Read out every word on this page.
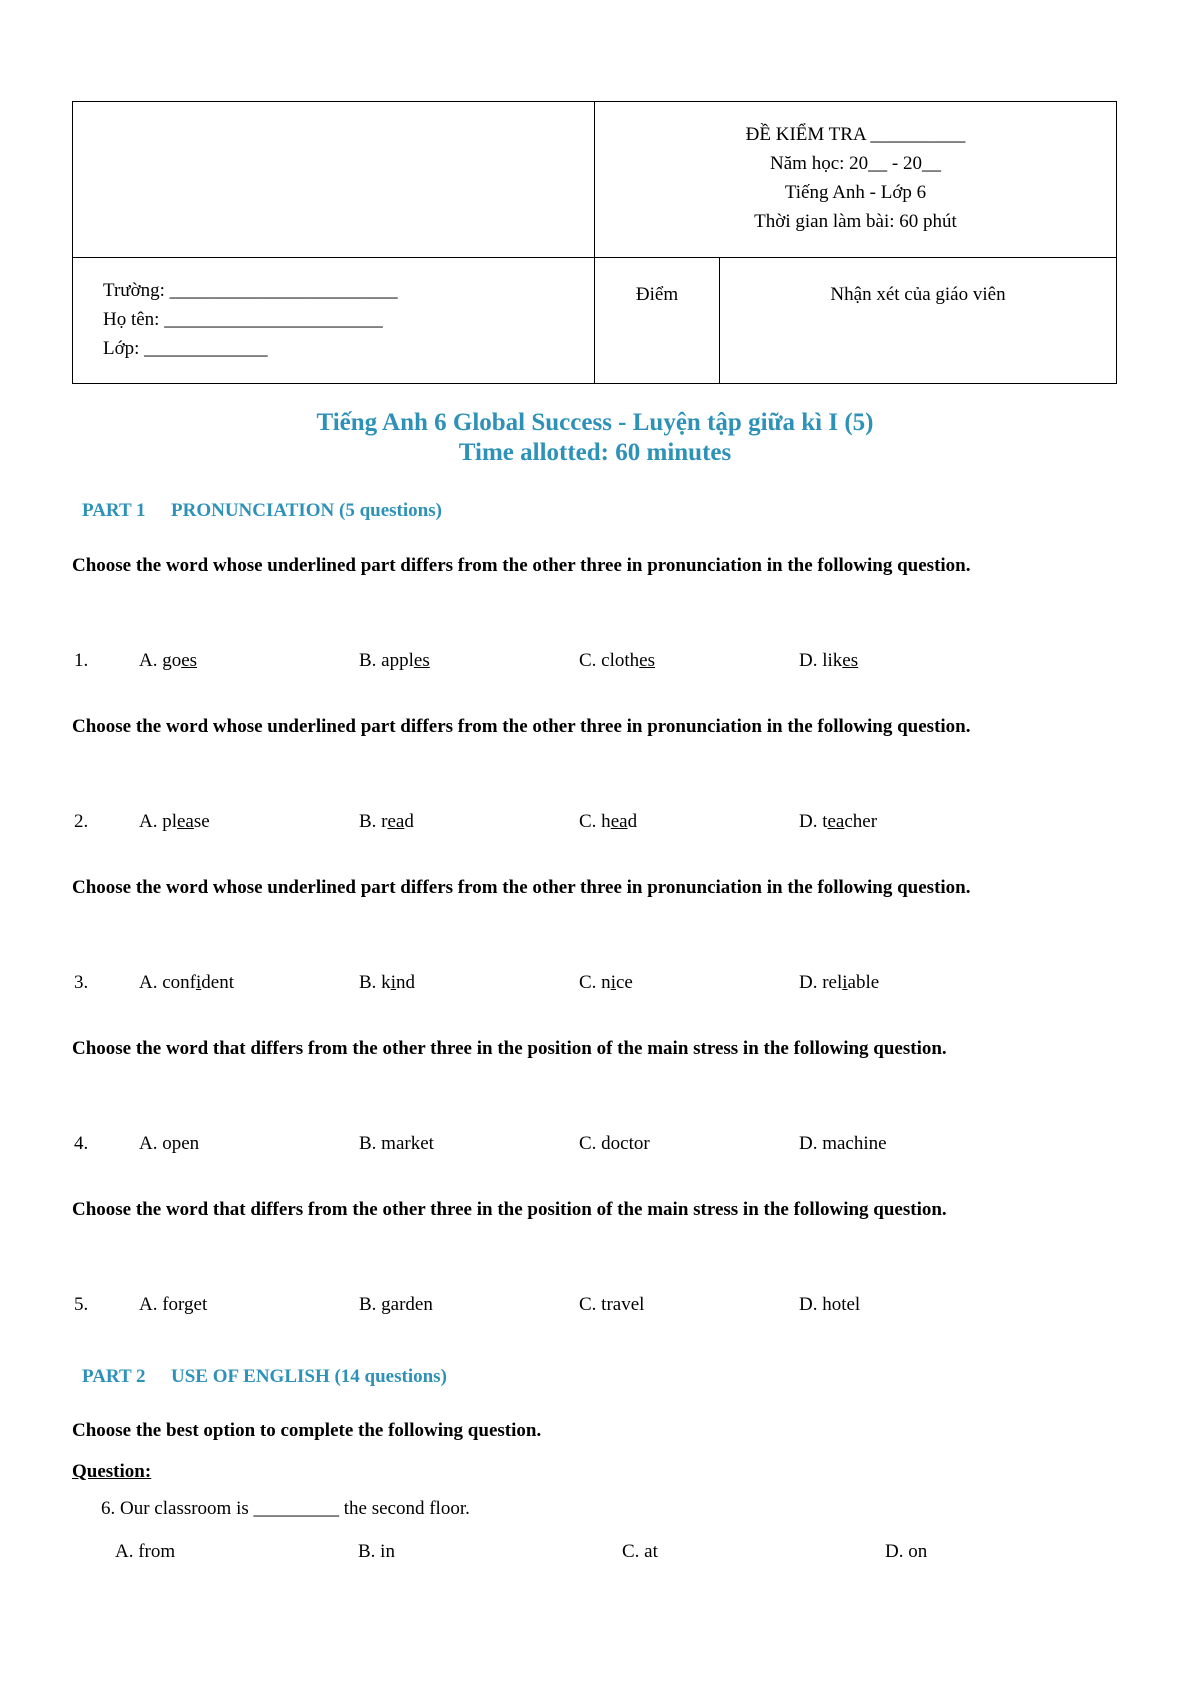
	ĐỀ KIỂM TRA __________
Năm học: 20__ - 20__
Tiếng Anh - Lớp 6
Thời gian làm bài: 60 phút	

Trường: ________________________
Họ tên: _______________________
Lớp: _____________	Điểm	Nhận xét của giáo viên
Tiếng Anh 6 Global Success - Luyện tập giữa kì I (5)
Time allotted: 60 minutes
PART 1 PRONUNCIATION (5 questions)
Choose the word whose underlined part differs from the other three in pronunciation in the following question.
1.	A. goes	B. apples	C. clothes	D. likes
Choose the word whose underlined part differs from the other three in pronunciation in the following question.
2.	A. please	B. read	C. head	D. teacher
Choose the word whose underlined part differs from the other three in pronunciation in the following question.
3.	A. confident	B. kind	C. nice	D. reliable
Choose the word that differs from the other three in the position of the main stress in the following question.
4.	A. open	B. market	C. doctor	D. machine
Choose the word that differs from the other three in the position of the main stress in the following question.
5.	A. forget	B. garden	C. travel	D. hotel
PART 2 USE OF ENGLISH (14 questions)
Choose the best option to complete the following question.
Question:
6. Our classroom is _________ the second floor.
A. from	B. in	C. at	D. on
